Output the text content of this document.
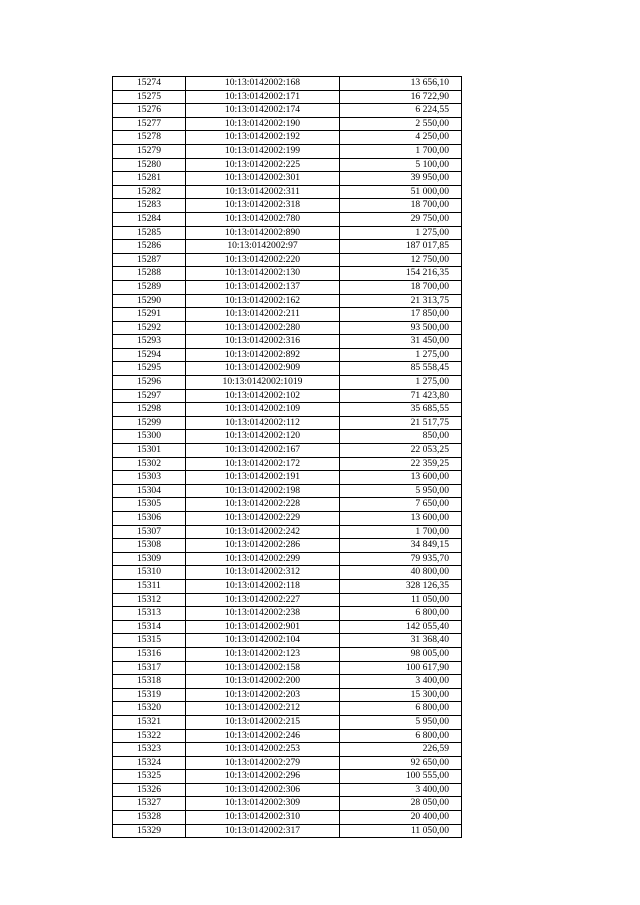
15274	10:13:0142002:168	13 656,10
15275	10:13:0142002:171	16 722,90
15276	10:13:0142002:174	6 224,55
15277	10:13:0142002:190	2 550,00
15278	10:13:0142002:192	4 250,00
15279	10:13:0142002:199	1 700,00
15280	10:13:0142002:225	5 100,00
15281	10:13:0142002:301	39 950,00
15282	10:13:0142002:311	51 000,00
15283	10:13:0142002:318	18 700,00
15284	10:13:0142002:780	29 750,00
15285	10:13:0142002:890	1 275,00
15286	10:13:0142002:97	187 017,85
15287	10:13:0142002:220	12 750,00
15288	10:13:0142002:130	154 216,35
15289	10:13:0142002:137	18 700,00
15290	10:13:0142002:162	21 313,75
15291	10:13:0142002:211	17 850,00
15292	10:13:0142002:280	93 500,00
15293	10:13:0142002:316	31 450,00
15294	10:13:0142002:892	1 275,00
15295	10:13:0142002:909	85 558,45
15296	10:13:0142002:1019	1 275,00
15297	10:13:0142002:102	71 423,80
15298	10:13:0142002:109	35 685,55
15299	10:13:0142002:112	21 517,75
15300	10:13:0142002:120	850,00
15301	10:13:0142002:167	22 053,25
15302	10:13:0142002:172	22 359,25
15303	10:13:0142002:191	13 600,00
15304	10:13:0142002:198	5 950,00
15305	10:13:0142002:228	7 650,00
15306	10:13:0142002:229	13 600,00
15307	10:13:0142002:242	1 700,00
15308	10:13:0142002:286	34 849,15
15309	10:13:0142002:299	79 935,70
15310	10:13:0142002:312	40 800,00
15311	10:13:0142002:118	328 126,35
15312	10:13:0142002:227	11 050,00
15313	10:13:0142002:238	6 800,00
15314	10:13:0142002:901	142 055,40
15315	10:13:0142002:104	31 368,40
15316	10:13:0142002:123	98 005,00
15317	10:13:0142002:158	100 617,90
15318	10:13:0142002:200	3 400,00
15319	10:13:0142002:203	15 300,00
15320	10:13:0142002:212	6 800,00
15321	10:13:0142002:215	5 950,00
15322	10:13:0142002:246	6 800,00
15323	10:13:0142002:253	226,59
15324	10:13:0142002:279	92 650,00
15325	10:13:0142002:296	100 555,00
15326	10:13:0142002:306	3 400,00
15327	10:13:0142002:309	28 050,00
15328	10:13:0142002:310	20 400,00
15329	10:13:0142002:317	11 050,00
